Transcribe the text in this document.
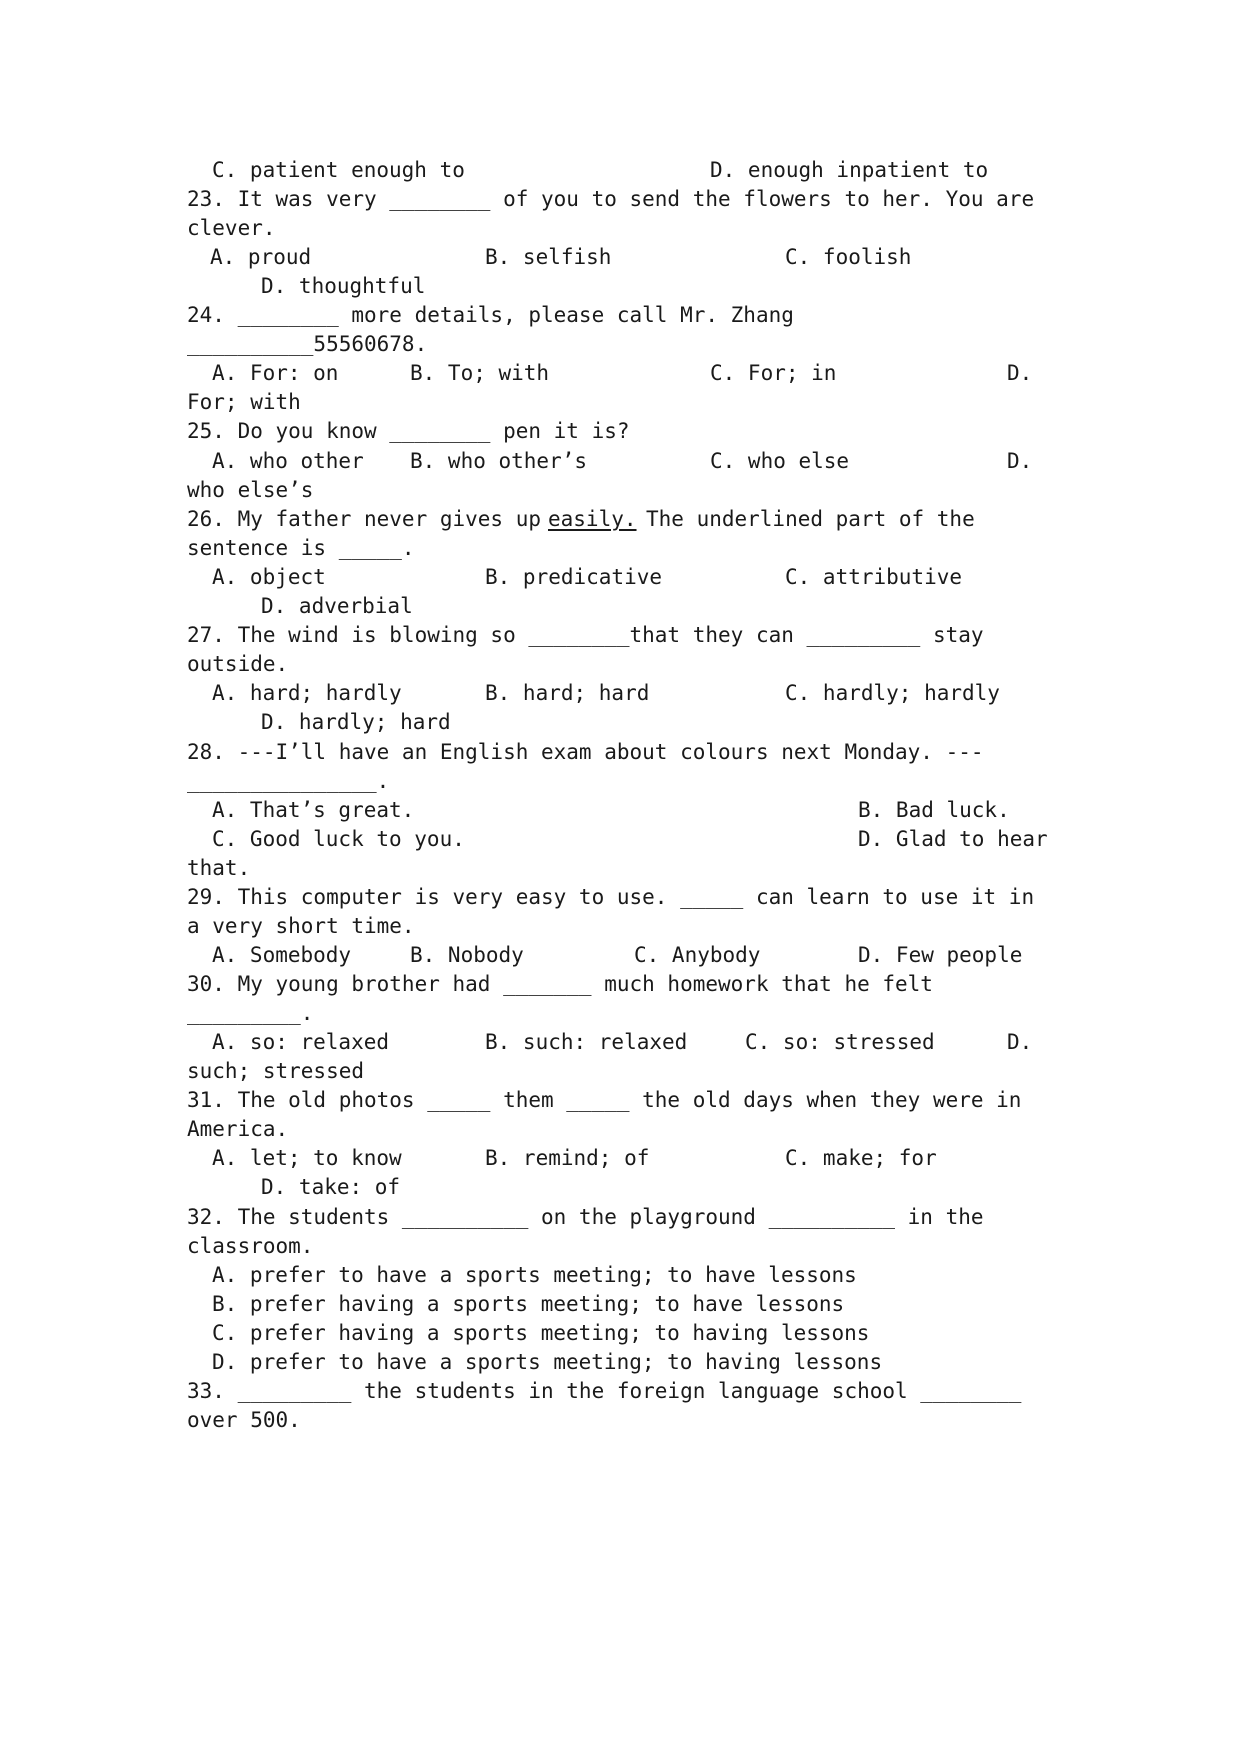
C. patient enough to	D. enough inpatient to
23. It was very ________ of you to send the flowers to her. You are
clever.
A. proud	B. selfish	C. foolish
D. thoughtful
24. ________ more details, please call Mr. Zhang
__________55560678.
A. For: on	B. To; with	C. For; in	D.
For; with
25. Do you know ________ pen it is?
A. who other B. who other’s	C. who else	D.
who else’s
26. My father never gives up easily. The underlined part of the
sentence is _____.
A. object	B. predicative	C. attributive
D. adverbial
27. The wind is blowing so ________that they can _________ stay
outside.
A. hard; hardly	B. hard; hard	C. hardly; hardly
D. hardly; hard
28. ---I’ll have an English exam about colours next Monday. ---
_______________.
A. That’s great.	B. Bad luck.
C. Good luck to you.	D. Glad to hear
that.
29. This computer is very easy to use. _____ can learn to use it in
a very short time.
A. Somebody	B. Nobody	C. Anybody	D. Few people
30. My young brother had _______ much homework that he felt
_________.
A. so: relaxed	B. such: relaxed	C. so: stressed	D.
such; stressed
31. The old photos _____ them _____ the old days when they were in
America.
A. let; to know	B. remind; of	C. make; for
D. take: of
32. The students __________ on the playground __________ in the
classroom.
A. prefer to have a sports meeting; to have lessons
B. prefer having a sports meeting; to have lessons
C. prefer having a sports meeting; to having lessons
D. prefer to have a sports meeting; to having lessons
33. _________ the students in the foreign language school ________
over 500.
